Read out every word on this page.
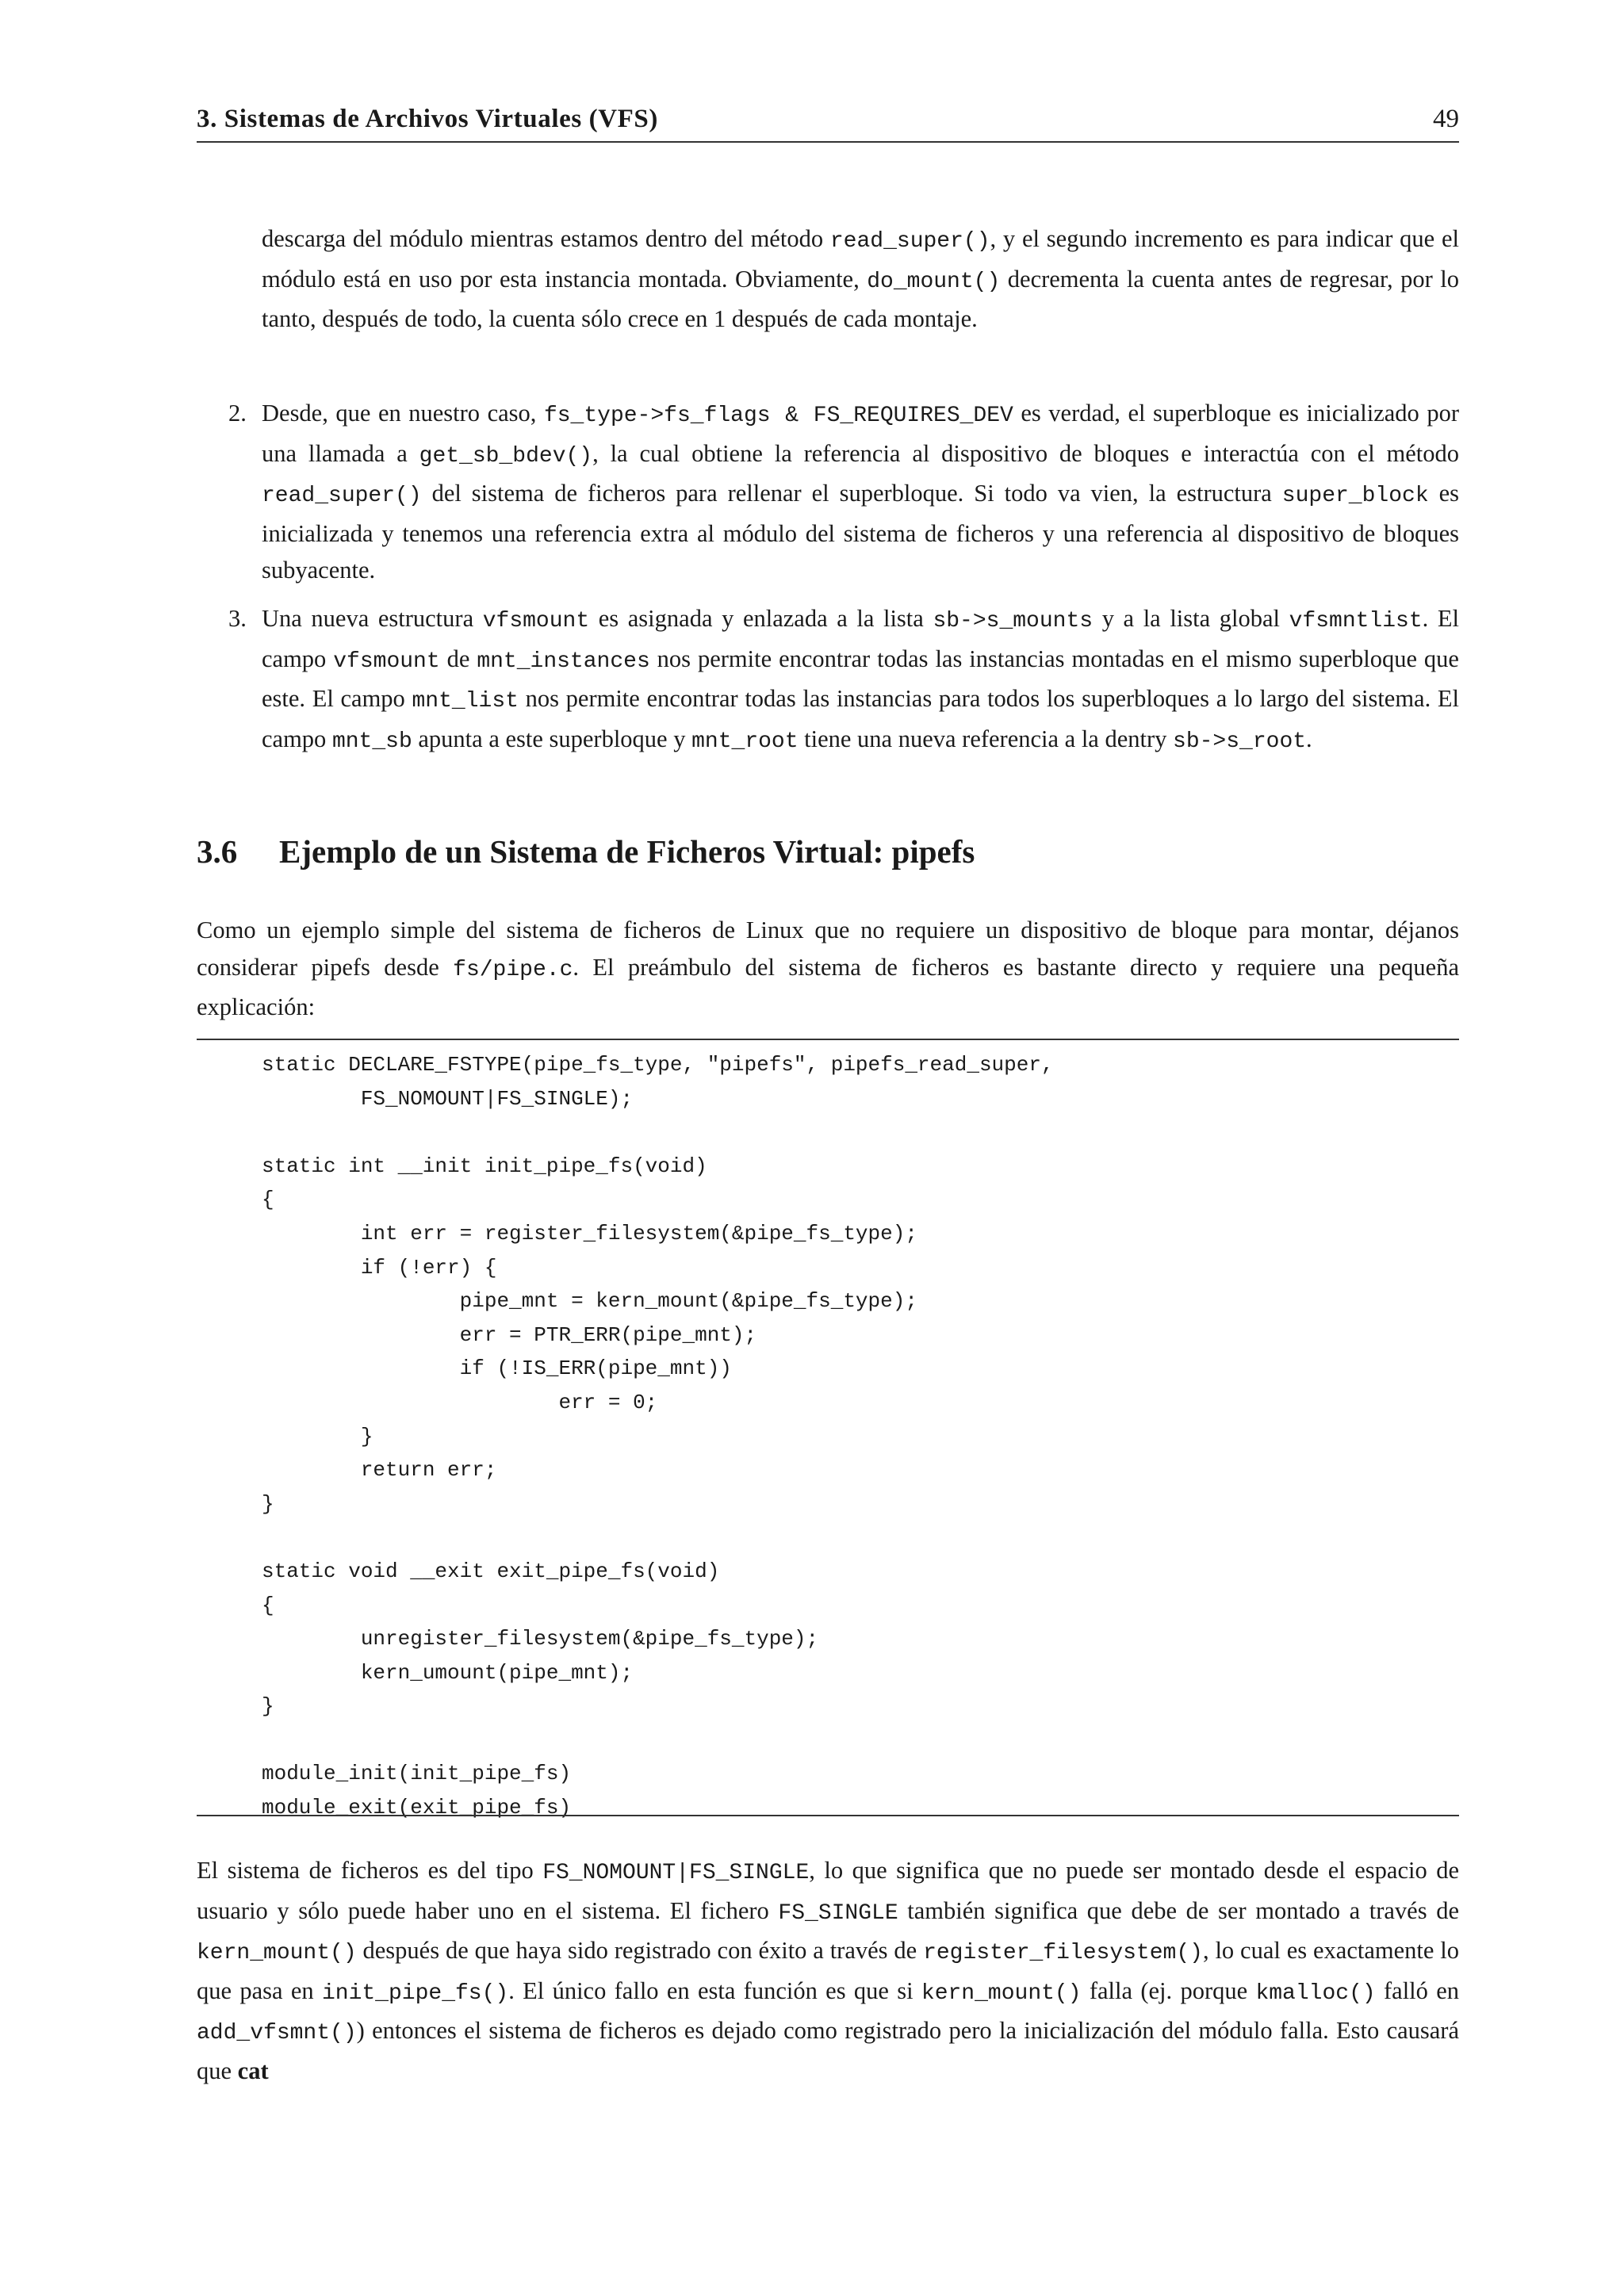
3. Sistemas de Archivos Virtuales (VFS)	49
descarga del módulo mientras estamos dentro del método read_super(), y el segundo incremento es para indicar que el módulo está en uso por esta instancia montada. Obviamente, do_mount() decrementa la cuenta antes de regresar, por lo tanto, después de todo, la cuenta sólo crece en 1 después de cada montaje.
2. Desde, que en nuestro caso, fs_type->fs_flags & FS_REQUIRES_DEV es verdad, el superbloque es inicializado por una llamada a get_sb_bdev(), la cual obtiene la referencia al dispositivo de bloques e interactúa con el método read_super() del sistema de ficheros para rellenar el superbloque. Si todo va vien, la estructura super_block es inicializada y tenemos una referencia extra al módulo del sistema de ficheros y una referencia al dispositivo de bloques subyacente.
3. Una nueva estructura vfsmount es asignada y enlazada a la lista sb->s_mounts y a la lista global vfsmntlist. El campo vfsmount de mnt_instances nos permite encontrar todas las instancias montadas en el mismo superbloque que este. El campo mnt_list nos permite encontrar todas las instancias para todos los superbloques a lo largo del sistema. El campo mnt_sb apunta a este superbloque y mnt_root tiene una nueva referencia a la dentry sb->s_root.
3.6 Ejemplo de un Sistema de Ficheros Virtual: pipefs
Como un ejemplo simple del sistema de ficheros de Linux que no requiere un dispositivo de bloque para montar, déjanos considerar pipefs desde fs/pipe.c. El preámbulo del sistema de ficheros es bastante directo y requiere una pequeña explicación:
static DECLARE_FSTYPE(pipe_fs_type, "pipefs", pipefs_read_super,
FS_NOMOUNT|FS_SINGLE);

static int __init init_pipe_fs(void)
{
int err = register_filesystem(&pipe_fs_type);
if (!err) {
pipe_mnt = kern_mount(&pipe_fs_type);
err = PTR_ERR(pipe_mnt);
if (!IS_ERR(pipe_mnt))
err = 0;
}
return err;
}

static void __exit exit_pipe_fs(void)
{
unregister_filesystem(&pipe_fs_type);
kern_umount(pipe_mnt);
}

module_init(init_pipe_fs)
module_exit(exit_pipe_fs)
El sistema de ficheros es del tipo FS_NOMOUNT|FS_SINGLE, lo que significa que no puede ser montado desde el espacio de usuario y sólo puede haber uno en el sistema. El fichero FS_SINGLE también significa que debe de ser montado a través de kern_mount() después de que haya sido registrado con éxito a través de register_filesystem(), lo cual es exactamente lo que pasa en init_pipe_fs(). El único fallo en esta función es que si kern_mount() falla (ej. porque kmalloc() falló en add_vfsmnt()) entonces el sistema de ficheros es dejado como registrado pero la inicialización del módulo falla. Esto causará que cat
